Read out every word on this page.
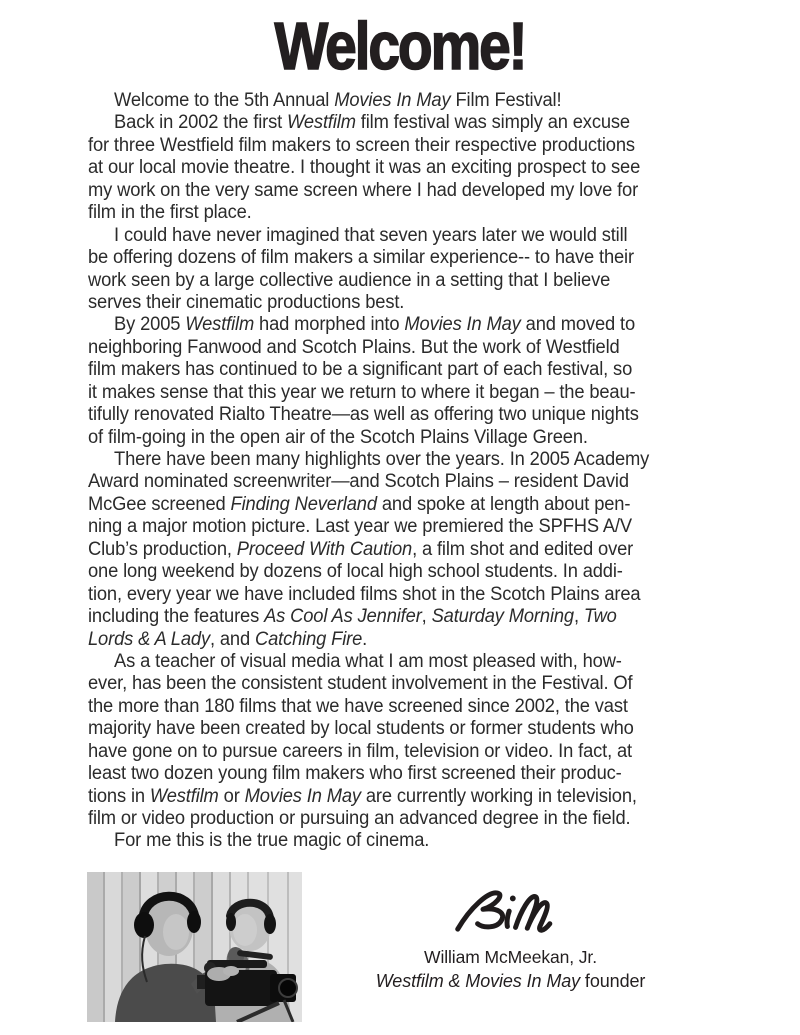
Welcome!
Welcome to the 5th Annual Movies In May Film Festival!
Back in 2002 the first Westfilm film festival was simply an excuse
for three Westfield film makers to screen their respective productions
at our local movie theatre. I thought it was an exciting prospect to see
my work on the very same screen where I had developed my love for
film in the first place.
I could have never imagined that seven years later we would still
be offering dozens of film makers a similar experience-- to have their
work seen by a large collective audience in a setting that I believe
serves their cinematic productions best.
By 2005 Westfilm had morphed into Movies In May and moved to
neighboring Fanwood and Scotch Plains. But the work of Westfield
film makers has continued to be a significant part of each festival, so
it makes sense that this year we return to where it began – the beau-
tifully renovated Rialto Theatre—as well as offering two unique nights
of film-going in the open air of the Scotch Plains Village Green.
There have been many highlights over the years. In 2005 Academy
Award nominated screenwriter—and Scotch Plains – resident David
McGee screened Finding Neverland and spoke at length about pen-
ning a major motion picture. Last year we premiered the SPFHS A/V
Club’s production, Proceed With Caution, a film shot and edited over
one long weekend by dozens of local high school students. In addi-
tion, every year we have included films shot in the Scotch Plains area
including the features As Cool As Jennifer, Saturday Morning, Two
Lords & A Lady, and Catching Fire.
As a teacher of visual media what I am most pleased with, how-
ever, has been the consistent student involvement in the Festival. Of
the more than 180 films that we have screened since 2002, the vast
majority have been created by local students or former students who
have gone on to pursue careers in film, television or video. In fact, at
least two dozen young film makers who first screened their produc-
tions in Westfilm or Movies In May are currently working in television,
film or video production or pursuing an advanced degree in the field.
For me this is the true magic of cinema.
William McMeekan, Jr.
Westfilm & Movies In May founder
